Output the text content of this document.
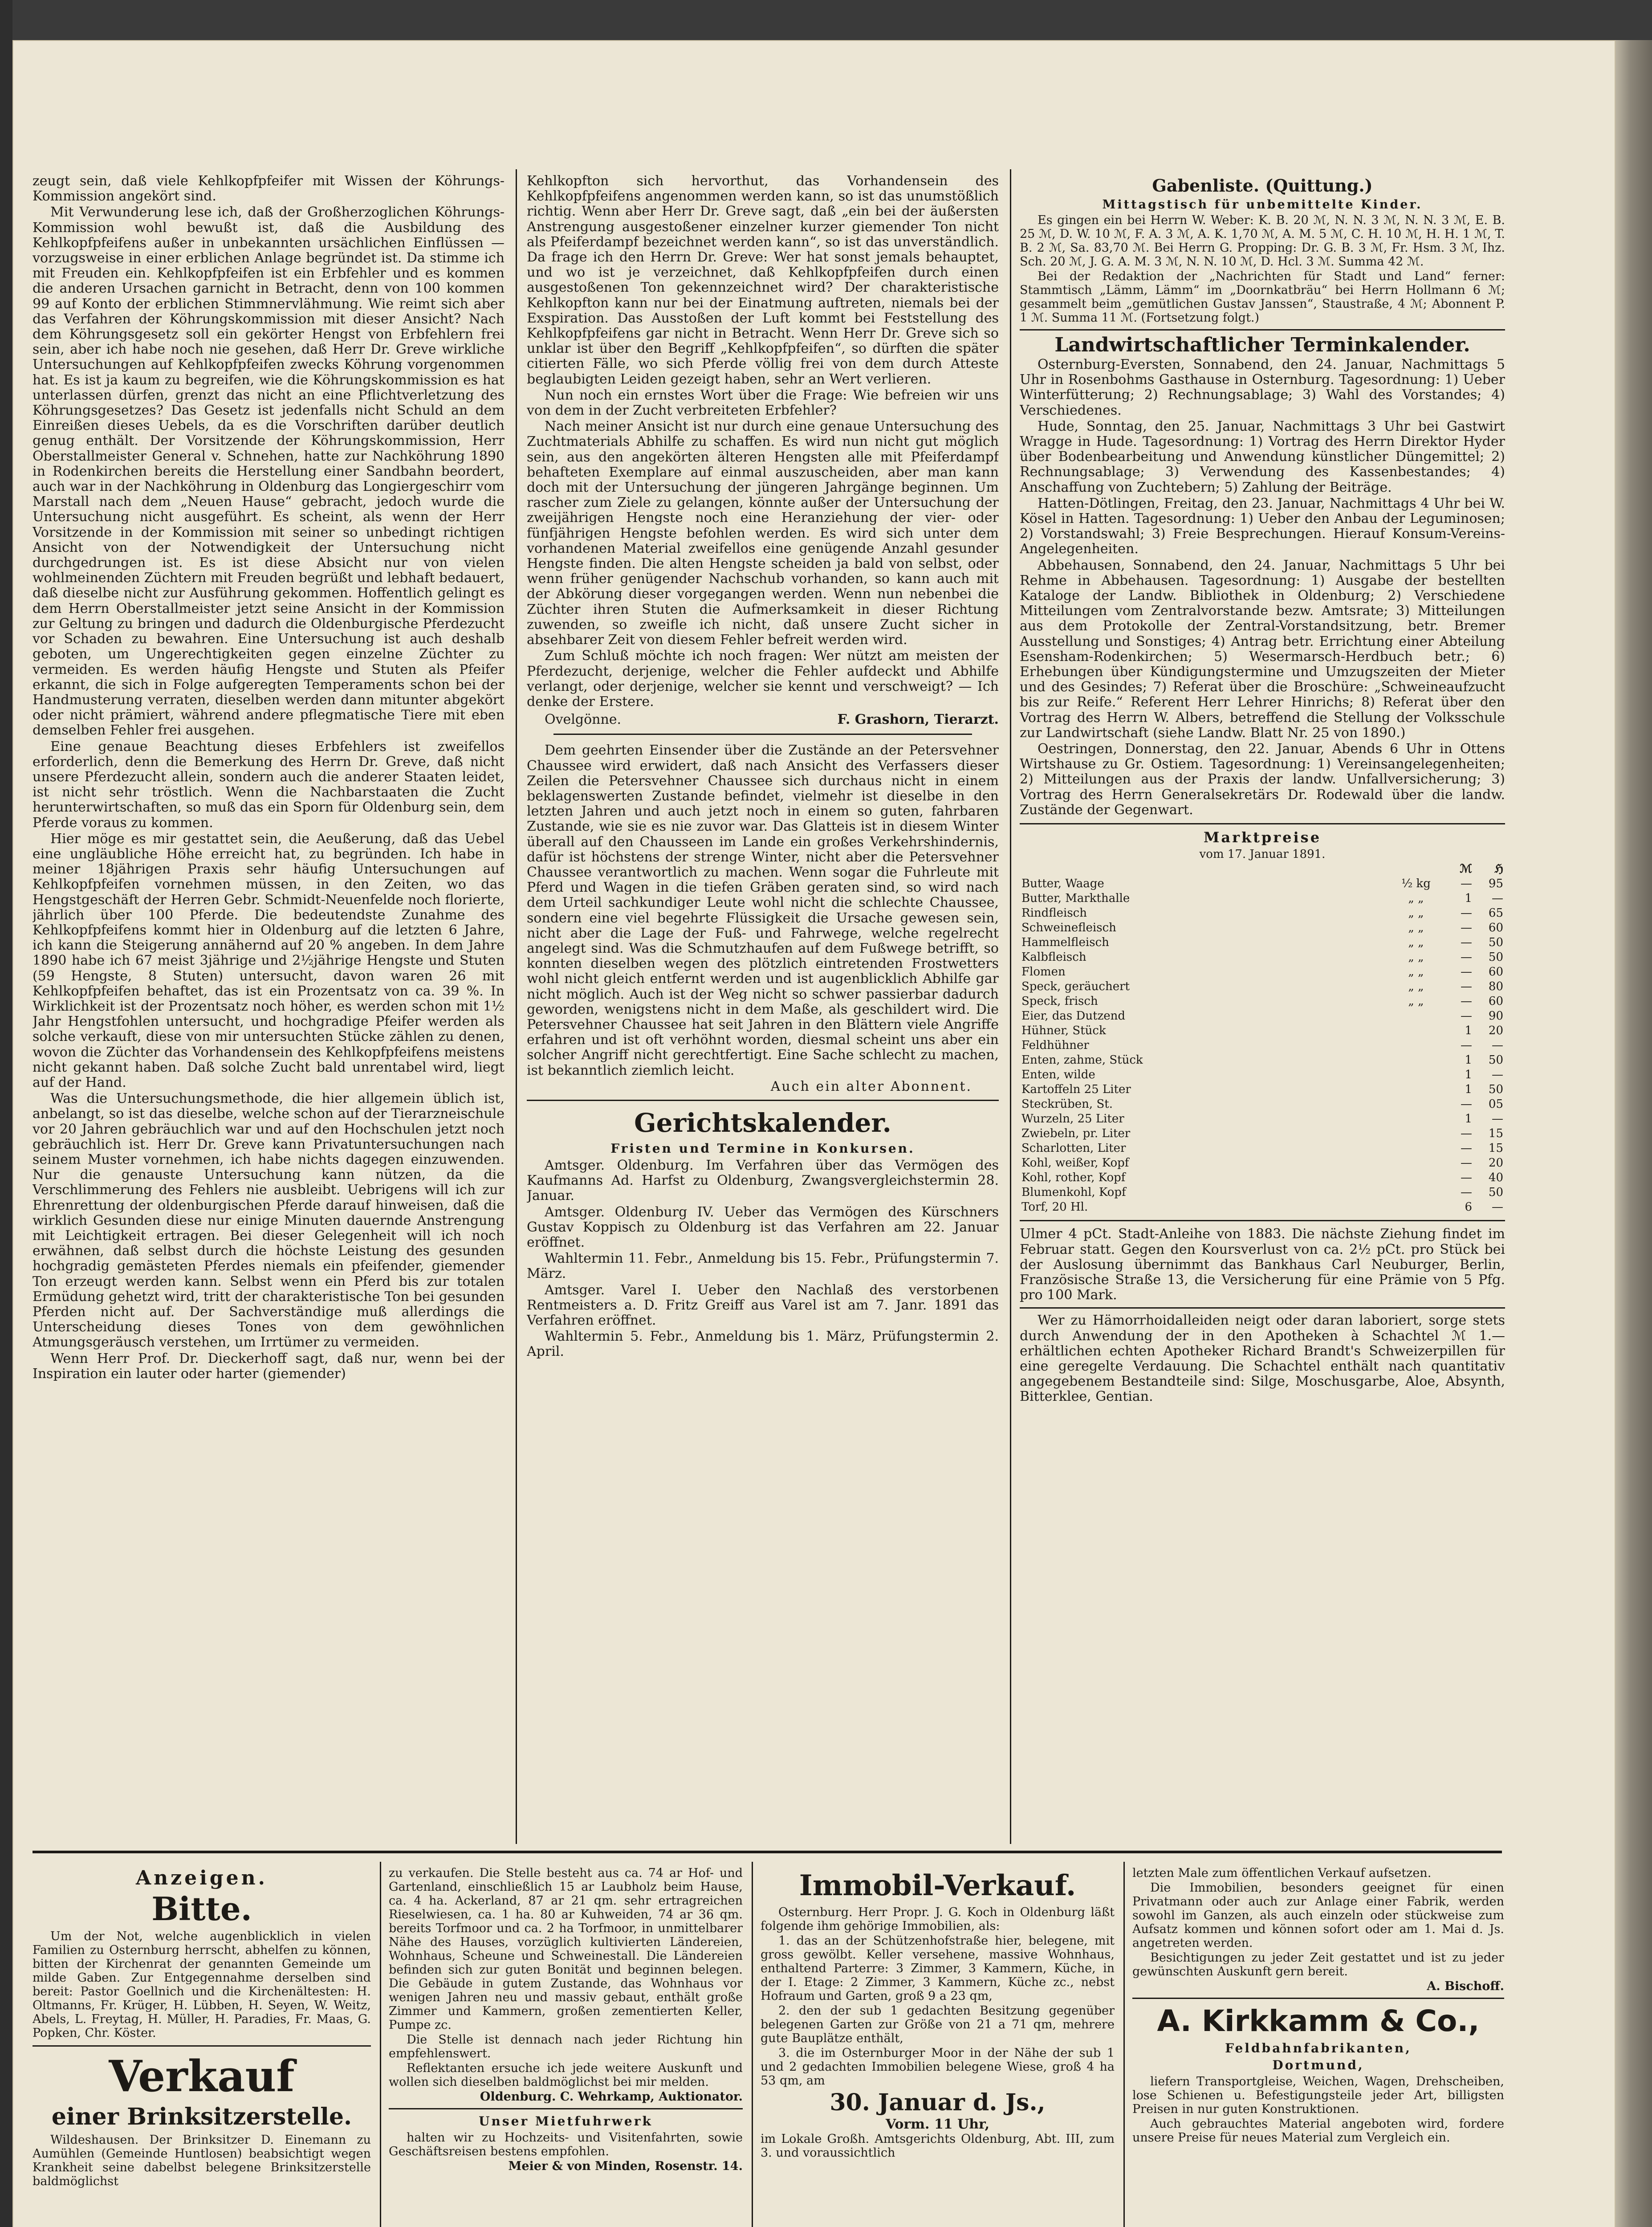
zeugt sein, daß viele Kehlkopfpfeifer mit Wissen der Köhrungs-Kommission angekört sind.

Mit Verwunderung lese ich, daß der Großherzoglichen Köhrungs-Kommission wohl bewußt ist, daß die Ausbildung des Kehlkopfpfeifens außer in unbekannten ursächlichen Einflüssen — vorzugsweise in einer erblichen Anlage begründet ist. Da stimme ich mit Freuden ein. Kehlkopfpfeifen ist ein Erbfehler und es kommen die anderen Ursachen garnicht in Betracht, denn von 100 kommen 99 auf Konto der erblichen Stimmnervlähmung. Wie reimt sich aber das Verfahren der Köhrungskommission mit dieser Ansicht? Nach dem Köhrungsgesetz soll ein gekörter Hengst von Erbfehlern frei sein, aber ich habe noch nie gesehen, daß Herr Dr. Greve wirkliche Untersuchungen auf Kehlkopfpfeifen zwecks Köhrung vorgenommen hat. Es ist ja kaum zu begreifen, wie die Köhrungskommission es hat unterlassen dürfen, grenzt das nicht an eine Pflichtverletzung des Köhrungsgesetzes? Das Gesetz ist jedenfalls nicht Schuld an dem Einreißen dieses Uebels, da es die Vorschriften darüber deutlich genug enthält. Der Vorsitzende der Köhrungskommission, Herr Oberstallmeister General v. Schnehen, hatte zur Nachköhrung 1890 in Rodenkirchen bereits die Herstellung einer Sandbahn beordert, auch war in der Nachköhrung in Oldenburg das Longiergeschirr vom Marstall nach dem „Neuen Hause“ gebracht, jedoch wurde die Untersuchung nicht ausgeführt. Es scheint, als wenn der Herr Vorsitzende in der Kommission mit seiner so unbedingt richtigen Ansicht von der Notwendigkeit der Untersuchung nicht durchgedrungen ist. Es ist diese Absicht nur von vielen wohlmeinenden Züchtern mit Freuden begrüßt und lebhaft bedauert, daß dieselbe nicht zur Ausführung gekommen. Hoffentlich gelingt es dem Herrn Oberstallmeister jetzt seine Ansicht in der Kommission zur Geltung zu bringen und dadurch die Oldenburgische Pferdezucht vor Schaden zu bewahren. Eine Untersuchung ist auch deshalb geboten, um Ungerechtigkeiten gegen einzelne Züchter zu vermeiden. Es werden häufig Hengste und Stuten als Pfeifer erkannt, die sich in Folge aufgeregten Temperaments schon bei der Handmusterung verraten, dieselben werden dann mitunter abgekört oder nicht prämiert, während andere pflegmatische Tiere mit eben demselben Fehler frei ausgehen.

Eine genaue Beachtung dieses Erbfehlers ist zweifellos erforderlich, denn die Bemerkung des Herrn Dr. Greve, daß nicht unsere Pferdezucht allein, sondern auch die anderer Staaten leidet, ist nicht sehr tröstlich. Wenn die Nachbarstaaten die Zucht herunterwirtschaften, so muß das ein Sporn für Oldenburg sein, dem Pferde voraus zu kommen.

Hier möge es mir gestattet sein, die Aeußerung, daß das Uebel eine ungläubliche Höhe erreicht hat, zu begründen. Ich habe in meiner 18jährigen Praxis sehr häufig Untersuchungen auf Kehlkopfpfeifen vornehmen müssen, in den Zeiten, wo das Hengstgeschäft der Herren Gebr. Schmidt-Neuenfelde noch florierte, jährlich über 100 Pferde. Die bedeutendste Zunahme des Kehlkopfpfeifens kommt hier in Oldenburg auf die letzten 6 Jahre, ich kann die Steigerung annähernd auf 20 % angeben. In dem Jahre 1890 habe ich 67 meist 3jährige und 2½jährige Hengste und Stuten (59 Hengste, 8 Stuten) untersucht, davon waren 26 mit Kehlkopfpfeifen behaftet, das ist ein Prozentsatz von ca. 39 %. In Wirklichkeit ist der Prozentsatz noch höher, es werden schon mit 1½ Jahr Hengstfohlen untersucht, und hochgradige Pfeifer werden als solche verkauft, diese von mir untersuchten Stücke zählen zu denen, wovon die Züchter das Vorhandensein des Kehlkopfpfeifens meistens nicht gekannt haben. Daß solche Zucht bald unrentabel wird, liegt auf der Hand.

Was die Untersuchungsmethode, die hier allgemein üblich ist, anbelangt, so ist das dieselbe, welche schon auf der Tierarzneischule vor 20 Jahren gebräuchlich war und auf den Hochschulen jetzt noch gebräuchlich ist. Herr Dr. Greve kann Privatuntersuchungen nach seinem Muster vornehmen, ich habe nichts dagegen einzuwenden. Nur die genauste Untersuchung kann nützen, da die Verschlimmerung des Fehlers nie ausbleibt. Uebrigens will ich zur Ehrenrettung der oldenburgischen Pferde darauf hinweisen, daß die wirklich Gesunden diese nur einige Minuten dauernde Anstrengung mit Leichtigkeit ertragen. Bei dieser Gelegenheit will ich noch erwähnen, daß selbst durch die höchste Leistung des gesunden hochgradig gemästeten Pferdes niemals ein pfeifender, giemender Ton erzeugt werden kann. Selbst wenn ein Pferd bis zur totalen Ermüdung gehetzt wird, tritt der charakteristische Ton bei gesunden Pferden nicht auf. Der Sachverständige muß allerdings die Unterscheidung dieses Tones von dem gewöhnlichen Atmungsgeräusch verstehen, um Irrtümer zu vermeiden.

Wenn Herr Prof. Dr. Dieckerhoff sagt, daß nur, wenn bei der Inspiration ein lauter oder harter (giemender)

Kehlkopfton sich hervorthut, das Vorhandensein des Kehlkopfpfeifens angenommen werden kann, so ist das unumstößlich richtig. Wenn aber Herr Dr. Greve sagt, daß „ein bei der äußersten Anstrengung ausgestoßener einzelner kurzer giemender Ton nicht als Pfeiferdampf bezeichnet werden kann“, so ist das unverständlich. Da frage ich den Herrn Dr. Greve: Wer hat sonst jemals behauptet, und wo ist je verzeichnet, daß Kehlkopfpfeifen durch einen ausgestoßenen Ton gekennzeichnet wird? Der charakteristische Kehlkopfton kann nur bei der Einatmung auftreten, niemals bei der Exspiration. Das Ausstoßen der Luft kommt bei Feststellung des Kehlkopfpfeifens gar nicht in Betracht. Wenn Herr Dr. Greve sich so unklar ist über den Begriff „Kehlkopfpfeifen“, so dürften die später citierten Fälle, wo sich Pferde völlig frei von dem durch Atteste beglaubigten Leiden gezeigt haben, sehr an Wert verlieren.

Nun noch ein ernstes Wort über die Frage: Wie befreien wir uns von dem in der Zucht verbreiteten Erbfehler?

Nach meiner Ansicht ist nur durch eine genaue Untersuchung des Zuchtmaterials Abhilfe zu schaffen. Es wird nun nicht gut möglich sein, aus den angekörten älteren Hengsten alle mit Pfeiferdampf behafteten Exemplare auf einmal auszuscheiden, aber man kann doch mit der Untersuchung der jüngeren Jahrgänge beginnen. Um rascher zum Ziele zu gelangen, könnte außer der Untersuchung der zweijährigen Hengste noch eine Heranziehung der vier- oder fünfjährigen Hengste befohlen werden. Es wird sich unter dem vorhandenen Material zweifellos eine genügende Anzahl gesunder Hengste finden. Die alten Hengste scheiden ja bald von selbst, oder wenn früher genügender Nachschub vorhanden, so kann auch mit der Abkörung dieser vorgegangen werden. Wenn nun nebenbei die Züchter ihren Stuten die Aufmerksamkeit in dieser Richtung zuwenden, so zweifle ich nicht, daß unsere Zucht sicher in absehbarer Zeit von diesem Fehler befreit werden wird.

Zum Schluß möchte ich noch fragen: Wer nützt am meisten der Pferdezucht, derjenige, welcher die Fehler aufdeckt und Abhilfe verlangt, oder derjenige, welcher sie kennt und verschweigt? — Ich denke der Erstere.

Ovelgönne.	F. Grashorn, Tierarzt.

Dem geehrten Einsender über die Zustände an der Petersvehner Chaussee wird erwidert, daß nach Ansicht des Verfassers dieser Zeilen die Petersvehner Chaussee sich durchaus nicht in einem beklagenswerten Zustande befindet, vielmehr ist dieselbe in den letzten Jahren und auch jetzt noch in einem so guten, fahrbaren Zustande, wie sie es nie zuvor war. Das Glatteis ist in diesem Winter überall auf den Chausseen im Lande ein großes Verkehrshindernis, dafür ist höchstens der strenge Winter, nicht aber die Petersvehner Chaussee verantwortlich zu machen. Wenn sogar die Fuhrleute mit Pferd und Wagen in die tiefen Gräben geraten sind, so wird nach dem Urteil sachkundiger Leute wohl nicht die schlechte Chaussee, sondern eine viel begehrte Flüssigkeit die Ursache gewesen sein, nicht aber die Lage der Fuß- und Fahrwege, welche regelrecht angelegt sind. Was die Schmutzhaufen auf dem Fußwege betrifft, so konnten dieselben wegen des plötzlich eintretenden Frostwetters wohl nicht gleich entfernt werden und ist augenblicklich Abhilfe gar nicht möglich. Auch ist der Weg nicht so schwer passierbar dadurch geworden, wenigstens nicht in dem Maße, als geschildert wird. Die Petersvehner Chaussee hat seit Jahren in den Blättern viele Angriffe erfahren und ist oft verhöhnt worden, diesmal scheint uns aber ein solcher Angriff nicht gerechtfertigt. Eine Sache schlecht zu machen, ist bekanntlich ziemlich leicht.

Auch ein alter Abonnent.

Gerichtskalender.
Fristen und Termine in Konkursen.

Amtsger. Oldenburg. Im Verfahren über das Vermögen des Kaufmanns Ad. Harfst zu Oldenburg, Zwangsvergleichstermin 28. Januar.

Amtsger. Oldenburg IV. Ueber das Vermögen des Kürschners Gustav Koppisch zu Oldenburg ist das Verfahren am 22. Januar eröffnet.

Wahltermin 11. Febr., Anmeldung bis 15. Febr., Prüfungstermin 7. März.

Amtsger. Varel I. Ueber den Nachlaß des verstorbenen Rentmeisters a. D. Fritz Greiff aus Varel ist am 7. Janr. 1891 das Verfahren eröffnet.

Wahltermin 5. Febr., Anmeldung bis 1. März, Prüfungstermin 2. April.

Gabenliste. (Quittung.)
Mittagstisch für unbemittelte Kinder.

Es gingen ein bei Herrn W. Weber: K. B. 20 ℳ, N. N. 3 ℳ, N. N. 3 ℳ, E. B. 25 ℳ, D. W. 10 ℳ, F. A. 3 ℳ, A. K. 1,70 ℳ, A. M. 5 ℳ, C. H. 10 ℳ, H. H. 1 ℳ, T. B. 2 ℳ, Sa. 83,70 ℳ. Bei Herrn G. Propping: Dr. G. B. 3 ℳ, Fr. Hsm. 3 ℳ, Ihz. Sch. 20 ℳ, J. G. A. M. 3 ℳ, N. N. 10 ℳ, D. Hcl. 3 ℳ. Summa 42 ℳ.

Bei der Redaktion der „Nachrichten für Stadt und Land“ ferner: Stammtisch „Lämm, Lämm“ im „Doornkatbräu“ bei Herrn Hollmann 6 ℳ; gesammelt beim „gemütlichen Gustav Janssen“, Staustraße, 4 ℳ; Abonnent P. 1 ℳ. Summa 11 ℳ. (Fortsetzung folgt.)

Landwirtschaftlicher Terminkalender.

Osternburg-Eversten, Sonnabend, den 24. Januar, Nachmittags 5 Uhr in Rosenbohms Gasthause in Osternburg. Tagesordnung: 1) Ueber Winterfütterung; 2) Rechnungsablage; 3) Wahl des Vorstandes; 4) Verschiedenes.

Hude, Sonntag, den 25. Januar, Nachmittags 3 Uhr bei Gastwirt Wragge in Hude. Tagesordnung: 1) Vortrag des Herrn Direktor Hyder über Bodenbearbeitung und Anwendung künstlicher Düngemittel; 2) Rechnungsablage; 3) Verwendung des Kassenbestandes; 4) Anschaffung von Zuchtebern; 5) Zahlung der Beiträge.

Hatten-Dötlingen, Freitag, den 23. Januar, Nachmittags 4 Uhr bei W. Kösel in Hatten. Tagesordnung: 1) Ueber den Anbau der Leguminosen; 2) Vorstandswahl; 3) Freie Besprechungen. Hierauf Konsum-Vereins-Angelegenheiten.

Abbehausen, Sonnabend, den 24. Januar, Nachmittags 5 Uhr bei Rehme in Abbehausen. Tagesordnung: 1) Ausgabe der bestellten Kataloge der Landw. Bibliothek in Oldenburg; 2) Verschiedene Mitteilungen vom Zentralvorstande bezw. Amtsrate; 3) Mitteilungen aus dem Protokolle der Zentral-Vorstandsitzung, betr. Bremer Ausstellung und Sonstiges; 4) Antrag betr. Errichtung einer Abteilung Esensham-Rodenkirchen; 5) Wesermarsch-Herdbuch betr.; 6) Erhebungen über Kündigungstermine und Umzugszeiten der Mieter und des Gesindes; 7) Referat über die Broschüre: „Schweineaufzucht bis zur Reife.“ Referent Herr Lehrer Hinrichs; 8) Referat über den Vortrag des Herrn W. Albers, betreffend die Stellung der Volksschule zur Landwirtschaft (siehe Landw. Blatt Nr. 25 von 1890.)

Oestringen, Donnerstag, den 22. Januar, Abends 6 Uhr in Ottens Wirtshause zu Gr. Ostiem. Tagesordnung: 1) Vereinsangelegenheiten; 2) Mitteilungen aus der Praxis der landw. Unfallversicherung; 3) Vortrag des Herrn Generalsekretärs Dr. Rodewald über die landw. Zustände der Gegenwart.

Marktpreise
vom 17. Januar 1891.
		ℳ	ℌ
Butter, Waage	½ kg	—	95
Butter, Markthalle	„ „	1	—
Rindfleisch	„ „	—	65
Schweinefleisch	„ „	—	60
Hammelfleisch	„ „	—	50
Kalbfleisch	„ „	—	50
Flomen	„ „	—	60
Speck, geräuchert	„ „	—	80
Speck, frisch	„ „	—	60
Eier, das Dutzend		—	90
Hühner, Stück		1	20
Feldhühner		—	—
Enten, zahme, Stück		1	50
Enten, wilde		1	—
Kartoffeln 25 Liter		1	50
Steckrüben, St.		—	05
Wurzeln, 25 Liter		1	—
Zwiebeln, pr. Liter		—	15
Scharlotten, Liter		—	15
Kohl, weißer, Kopf		—	20
Kohl, rother, Kopf		—	40
Blumenkohl, Kopf		—	50
Torf, 20 Hl.		6	—

Ulmer 4 pCt. Stadt-Anleihe von 1883. Die nächste Ziehung findet im Februar statt. Gegen den Koursverlust von ca. 2½ pCt. pro Stück bei der Auslosung übernimmt das Bankhaus Carl Neuburger, Berlin, Französische Straße 13, die Versicherung für eine Prämie von 5 Pfg. pro 100 Mark.

Wer zu Hämorrhoidalleiden neigt oder daran laboriert, sorge stets durch Anwendung der in den Apotheken à Schachtel ℳ 1.— erhältlichen echten Apotheker Richard Brandt's Schweizerpillen für eine geregelte Verdauung. Die Schachtel enthält nach quantitativ angegebenem Bestandteile sind: Silge, Moschusgarbe, Aloe, Absynth, Bitterklee, Gentian.

Anzeigen.
Bitte.

Um der Not, welche augenblicklich in vielen Familien zu Osternburg herrscht, abhelfen zu können, bitten der Kirchenrat der genannten Gemeinde um milde Gaben. Zur Entgegennahme derselben sind bereit: Pastor Goellnich und die Kirchenältesten: H. Oltmanns, Fr. Krüger, H. Lübben, H. Seyen, W. Weitz, Abels, L. Freytag, H. Müller, H. Paradies, Fr. Maas, G. Popken, Chr. Köster.

Verkauf
einer Brinksitzerstelle.

Wildeshausen. Der Brinksitzer D. Einemann zu Aumühlen (Gemeinde Huntlosen) beabsichtigt wegen Krankheit seine dabelbst belegene Brinksitzerstelle baldmöglichst

zu verkaufen. Die Stelle besteht aus ca. 74 ar Hof- und Gartenland, einschließlich 15 ar Laubholz beim Hause, ca. 4 ha. Ackerland, 87 ar 21 qm. sehr ertragreichen Rieselwiesen, ca. 1 ha. 80 ar Kuhweiden, 74 ar 36 qm. bereits Torfmoor und ca. 2 ha Torfmoor, in unmittelbarer Nähe des Hauses, vorzüglich kultivierten Ländereien, Wohnhaus, Scheune und Schweinestall. Die Ländereien befinden sich zur guten Bonität und beginnen belegen. Die Gebäude in gutem Zustande, das Wohnhaus vor wenigen Jahren neu und massiv gebaut, enthält große Zimmer und Kammern, großen zementierten Keller, Pumpe zc.

Die Stelle ist dennach nach jeder Richtung hin empfehlenswert.

Reflektanten ersuche ich jede weitere Auskunft und wollen sich dieselben baldmöglichst bei mir melden.

Oldenburg. C. Wehrkamp, Auktionator.

Unser Mietfuhrwerk

halten wir zu Hochzeits- und Visitenfahrten, sowie Geschäftsreisen bestens empfohlen.

Meier & von Minden, Rosenstr. 14.

Immobil-Verkauf.

Osternburg. Herr Propr. J. G. Koch in Oldenburg läßt folgende ihm gehörige Immobilien, als:

1. das an der Schützenhofstraße hier, belegene, mit gross gewölbt. Keller versehene, massive Wohnhaus, enthaltend Parterre: 3 Zimmer, 3 Kammern, Küche, in der I. Etage: 2 Zimmer, 3 Kammern, Küche zc., nebst Hofraum und Garten, groß 9 a 23 qm,

2. den der sub 1 gedachten Besitzung gegenüber belegenen Garten zur Größe von 21 a 71 qm, mehrere gute Bauplätze enthält,

3. die im Osternburger Moor in der Nähe der sub 1 und 2 gedachten Immobilien belegene Wiese, groß 4 ha 53 qm, am

30. Januar d. Js.,
Vorm. 11 Uhr,

im Lokale Großh. Amtsgerichts Oldenburg, Abt. III, zum 3. und voraussichtlich

letzten Male zum öffentlichen Verkauf aufsetzen.

Die Immobilien, besonders geeignet für einen Privatmann oder auch zur Anlage einer Fabrik, werden sowohl im Ganzen, als auch einzeln oder stückweise zum Aufsatz kommen und können sofort oder am 1. Mai d. Js. angetreten werden.

Besichtigungen zu jeder Zeit gestattet und ist zu jeder gewünschten Auskunft gern bereit.

A. Bischoff.

A. Kirkkamm & Co.,
Feldbahnfabrikanten,
Dortmund,

liefern Transportgleise, Weichen, Wagen, Drehscheiben, lose Schienen u. Befestigungsteile jeder Art, billigsten Preisen in nur guten Konstruktionen.

Auch gebrauchtes Material angeboten wird, fordere unsere Preise für neues Material zum Vergleich ein.
